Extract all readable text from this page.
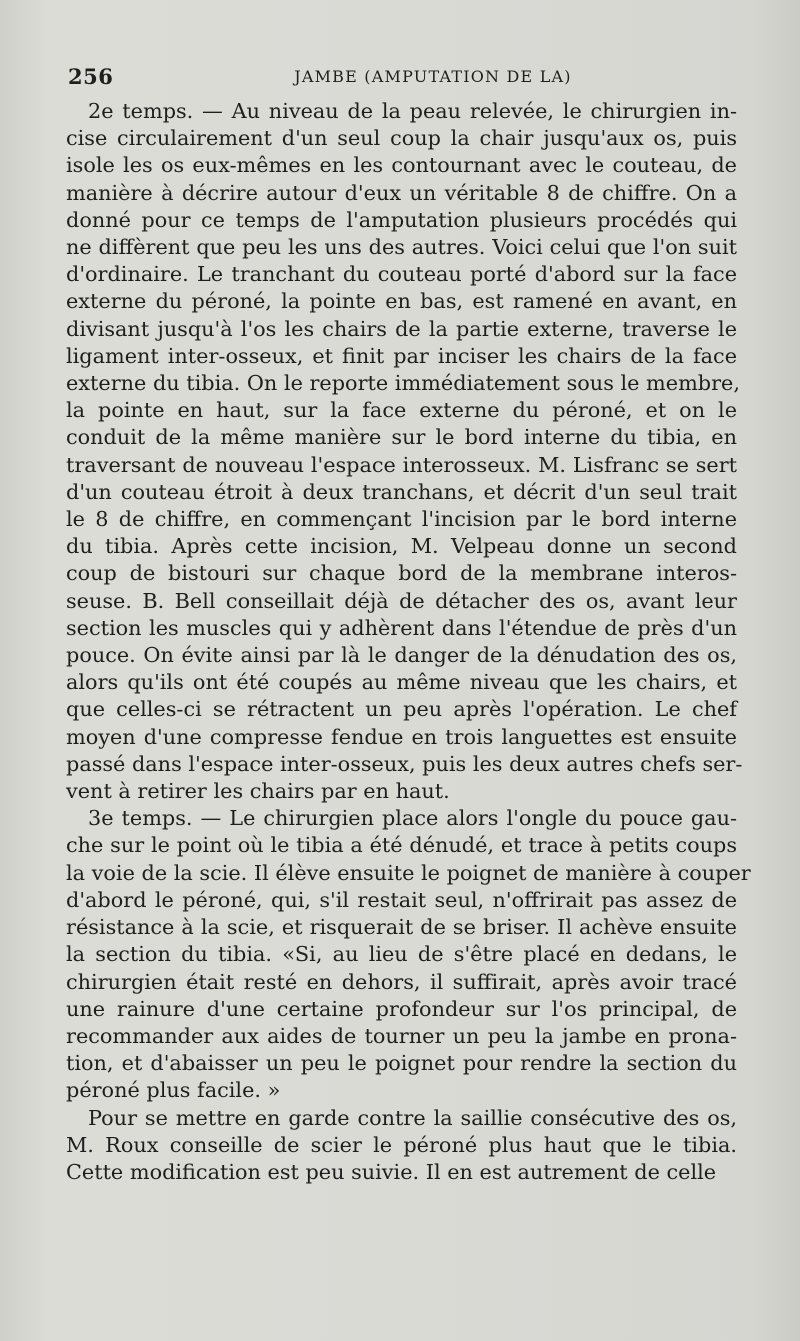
256	JAMBE (AMPUTATION DE LA)

2e temps. — Au niveau de la peau relevée, le chirurgien in-
cise circulairement d'un seul coup la chair jusqu'aux os, puis
isole les os eux-mêmes en les contournant avec le couteau, de
manière à décrire autour d'eux un véritable 8 de chiffre. On a
donné pour ce temps de l'amputation plusieurs procédés qui
ne diffèrent que peu les uns des autres. Voici celui que l'on suit
d'ordinaire. Le tranchant du couteau porté d'abord sur la face
externe du péroné, la pointe en bas, est ramené en avant, en
divisant jusqu'à l'os les chairs de la partie externe, traverse le
ligament inter-osseux, et finit par inciser les chairs de la face
externe du tibia. On le reporte immédiatement sous le membre,
la pointe en haut, sur la face externe du péroné, et on le
conduit de la même manière sur le bord interne du tibia, en
traversant de nouveau l'espace interosseux. M. Lisfranc se sert
d'un couteau étroit à deux tranchans, et décrit d'un seul trait
le 8 de chiffre, en commençant l'incision par le bord interne
du tibia. Après cette incision, M. Velpeau donne un second
coup de bistouri sur chaque bord de la membrane interos-
seuse. B. Bell conseillait déjà de détacher des os, avant leur
section les muscles qui y adhèrent dans l'étendue de près d'un
pouce. On évite ainsi par là le danger de la dénudation des os,
alors qu'ils ont été coupés au même niveau que les chairs, et
que celles-ci se rétractent un peu après l'opération. Le chef
moyen d'une compresse fendue en trois languettes est ensuite
passé dans l'espace inter-osseux, puis les deux autres chefs ser-
vent à retirer les chairs par en haut.

3e temps. — Le chirurgien place alors l'ongle du pouce gau-
che sur le point où le tibia a été dénudé, et trace à petits coups
la voie de la scie. Il élève ensuite le poignet de manière à couper
d'abord le péroné, qui, s'il restait seul, n'offrirait pas assez de
résistance à la scie, et risquerait de se briser. Il achève ensuite
la section du tibia. «Si, au lieu de s'être placé en dedans, le
chirurgien était resté en dehors, il suffirait, après avoir tracé
une rainure d'une certaine profondeur sur l'os principal, de
recommander aux aides de tourner un peu la jambe en prona-
tion, et d'abaisser un peu le poignet pour rendre la section du
péroné plus facile. »

Pour se mettre en garde contre la saillie consécutive des os,
M. Roux conseille de scier le péroné plus haut que le tibia.
Cette modification est peu suivie. Il en est autrement de celle
